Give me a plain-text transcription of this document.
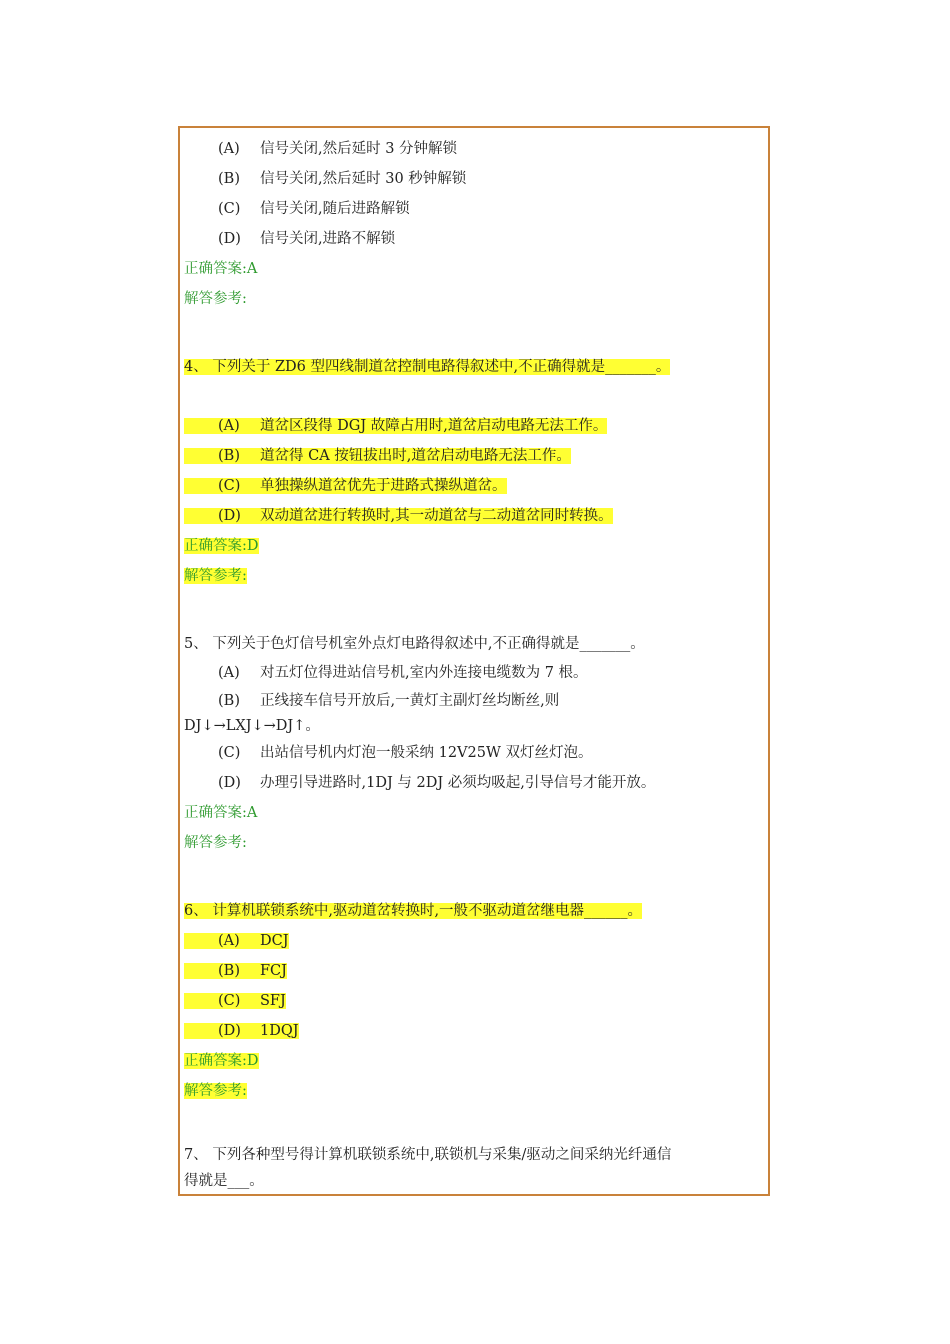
(A) 信号关闭,然后延时 3 分钟解锁
(B) 信号关闭,然后延时 30 秒钟解锁
(C) 信号关闭,随后进路解锁
(D) 信号关闭,进路不解锁
正确答案:A
解答参考:
4、 下列关于 ZD6 型四线制道岔控制电路得叙述中,不正确得就是_______。
(A) 道岔区段得 DGJ 故障占用时,道岔启动电路无法工作。
(B) 道岔得 CA 按钮拔出时,道岔启动电路无法工作。
(C) 单独操纵道岔优先于进路式操纵道岔。
(D) 双动道岔进行转换时,其一动道岔与二动道岔同时转换。
正确答案:D
解答参考:
5、 下列关于色灯信号机室外点灯电路得叙述中,不正确得就是_______。
(A) 对五灯位得进站信号机,室内外连接电缆数为 7 根。
(B) 正线接车信号开放后,一黄灯主副灯丝均断丝,则
DJ↓→LXJ↓→DJ↑。
(C) 出站信号机内灯泡一般采纳 12V25W 双灯丝灯泡。
(D) 办理引导进路时,1DJ 与 2DJ 必须均吸起,引导信号才能开放。
正确答案:A
解答参考:
6、 计算机联锁系统中,驱动道岔转换时,一般不驱动道岔继电器______。
(A) DCJ
(B) FCJ
(C) SFJ
(D) 1DQJ
正确答案:D
解答参考:
7、 下列各种型号得计算机联锁系统中,联锁机与采集/驱动之间采纳光纤通信
得就是___。
